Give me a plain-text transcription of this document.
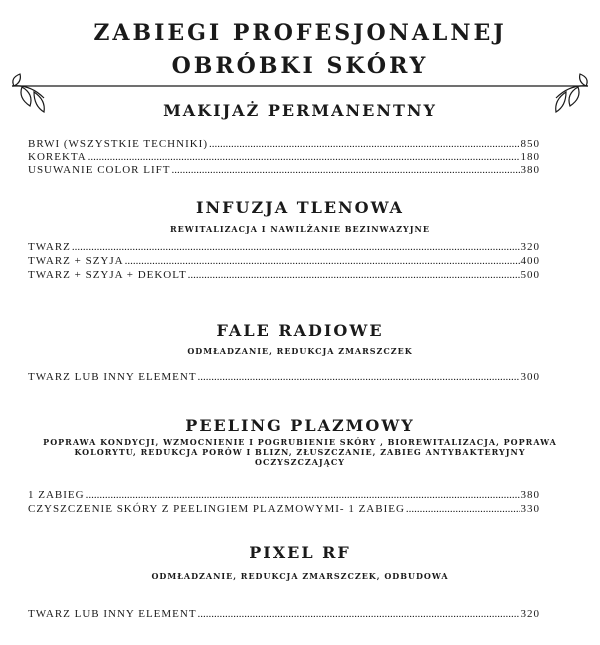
ZABIEGI PROFESJONALNEJ
OBRÓBKI SKÓRY
MAKIJAŻ PERMANENTNY
BRWI (WSZYSTKIE TECHNIKI) .....	850
KOREKTA .....	180
USUWANIE COLOR LIFT .....	380
INFUZJA TLENOWA

REWITALIZACJA I NAWILŻANIE BEZINWAZYJNE

TWARZ .....	320
TWARZ + SZYJA .....	400
TWARZ + SZYJA + DEKOLT .....	500
FALE RADIOWE

ODMŁADZANIE, REDUKCJA ZMARSZCZEK

TWARZ LUB INNY ELEMENT .....	300
PEELING PLAZMOWY

POPRAWA KONDYCJI, WZMOCNIENIE I POGRUBIENIE SKÓRY , BIOREWITALIZACJA, POPRAWA KOLORYTU, REDUKCJA PORÓW I BLIZN, ZŁUSZCZANIE, ZABIEG ANTYBAKTERYJNY OCZYSZCZAJĄCY

1 ZABIEG .....	380
CZYSZCZENIE SKÓRY Z PEELINGIEM PLAZMOWYMI- 1 ZABIEG .....	330
PIXEL RF

ODMŁADZANIE, REDUKCJA ZMARSZCZEK, ODBUDOWA

TWARZ LUB INNY ELEMENT .....	320
